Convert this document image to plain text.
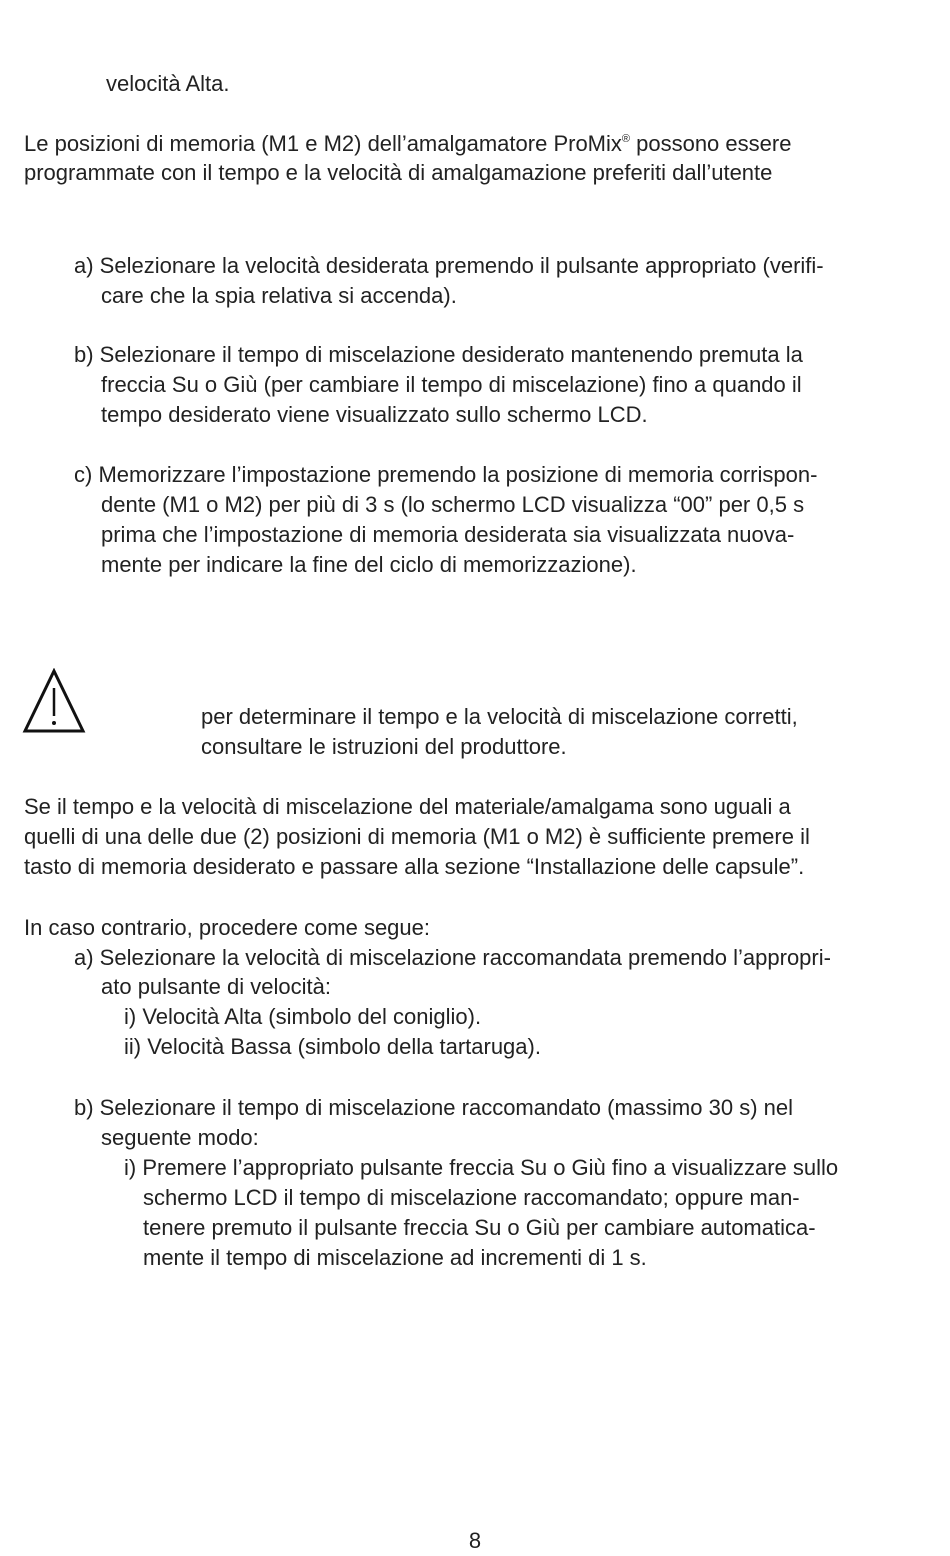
velocità Alta.
Le posizioni di memoria (M1 e M2) dell’amalgamatore ProMix® possono essere
programmate con il tempo e la velocità di amalgamazione preferiti dall’utente
a) Selezionare la velocità desiderata premendo il pulsante appropriato (verifi-
care che la spia relativa si accenda).
b) Selezionare il tempo di miscelazione desiderato mantenendo premuta la
freccia Su o Giù (per cambiare il tempo di miscelazione) fino a quando il
tempo desiderato viene visualizzato sullo schermo LCD.
c) Memorizzare l’impostazione premendo la posizione di memoria corrispon-
dente (M1 o M2) per più di 3 s (lo schermo LCD visualizza “00” per 0,5 s
prima che l’impostazione di memoria desiderata sia visualizzata nuova-
mente per indicare la fine del ciclo di memorizzazione).
per determinare il tempo e la velocità di miscelazione corretti,
consultare le istruzioni del produttore.
Se il tempo e la velocità di miscelazione del materiale/amalgama sono uguali a
quelli di una delle due (2) posizioni di memoria (M1 o M2) è sufficiente premere il
tasto di memoria desiderato e passare alla sezione “Installazione delle capsule”.
In caso contrario, procedere come segue:
a) Selezionare la velocità di miscelazione raccomandata premendo l’appropri-
ato pulsante di velocità:
i) Velocità Alta (simbolo del coniglio).
ii) Velocità Bassa (simbolo della tartaruga).
b) Selezionare il tempo di miscelazione raccomandato (massimo 30 s) nel
seguente modo:
i) Premere l’appropriato pulsante freccia Su o Giù fino a visualizzare sullo
schermo LCD il tempo di miscelazione raccomandato; oppure man-
tenere premuto il pulsante freccia Su o Giù per cambiare automatica-
mente il tempo di miscelazione ad incrementi di 1 s.
8
